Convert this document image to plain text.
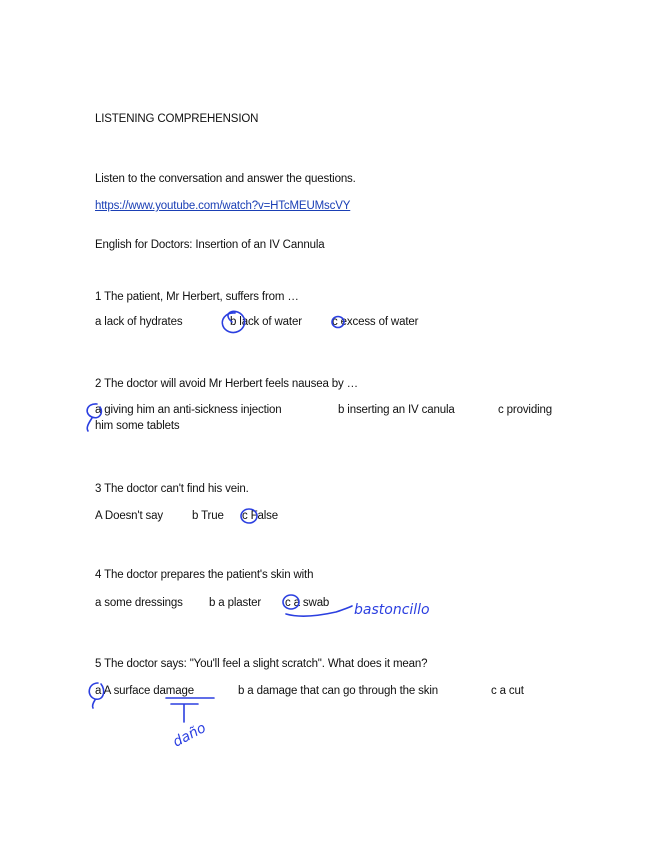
LISTENING COMPREHENSION
Listen to the conversation and answer the questions.
https://www.youtube.com/watch?v=HTcMEUMscVY
English for Doctors: Insertion of an IV Cannula
1 The patient, Mr Herbert, suffers from …
a lack of hydrates	b lack of water	c excess of water
2 The doctor will avoid Mr Herbert feels nausea by …
a giving him an anti-sickness injection	b inserting an IV canula	c providing
him some tablets
3 The doctor can't find his vein.
A Doesn't say	b True c False
4 The doctor prepares the patient's skin with
a some dressings b a plaster c a swab
5 The doctor says: "You'll feel a slight scratch". What does it mean?
a A surface damage	b a damage that can go through the skin	c a cut
bastoncillo
daño
